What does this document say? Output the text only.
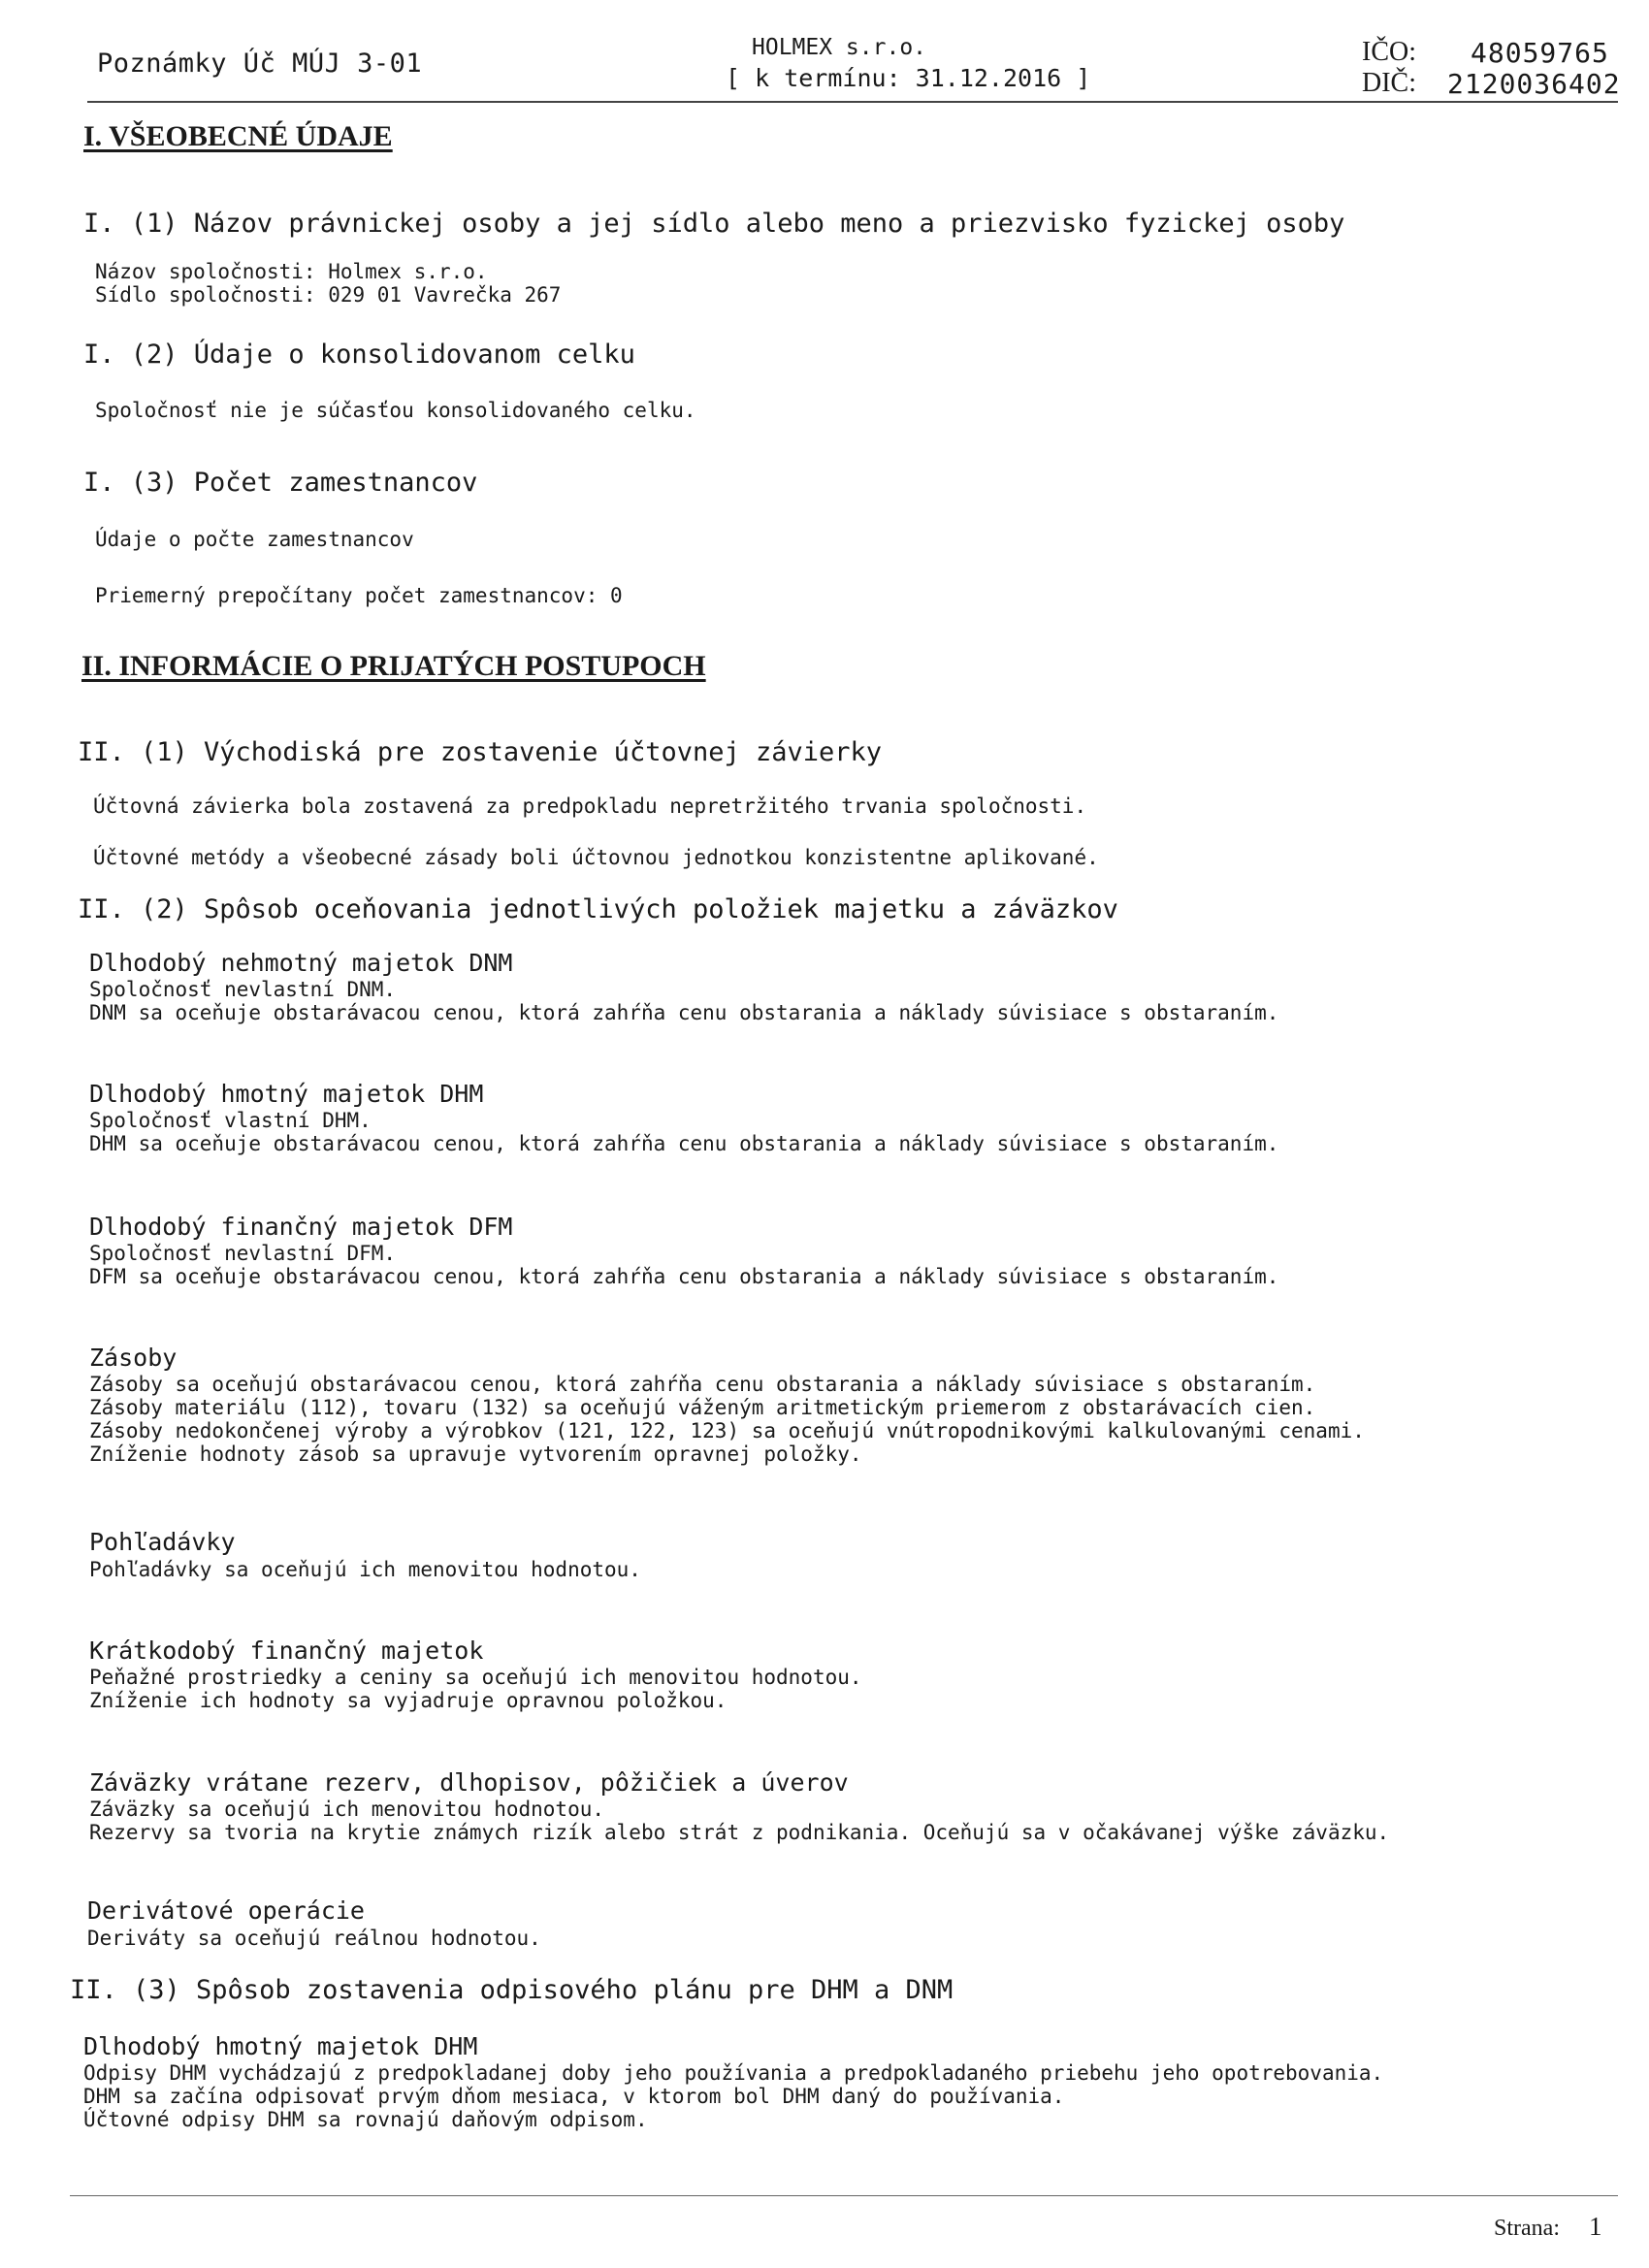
Poznámky Úč MÚJ 3-01
HOLMEX s.r.o.
[ k termínu: 31.12.2016 ]
IČO: 48059765
DIČ: 2120036402
I. VŠEOBECNÉ ÚDAJE
I. (1) Názov právnickej osoby a jej sídlo alebo meno a priezvisko fyzickej osoby
Názov spoločnosti: Holmex s.r.o.
Sídlo spoločnosti: 029 01 Vavrečka 267
I. (2) Údaje o konsolidovanom celku
Spoločnosť nie je súčasťou konsolidovaného celku.
I. (3) Počet zamestnancov
Údaje o počte zamestnancov
Priemerný prepočítany počet zamestnancov: 0
II. INFORMÁCIE O PRIJATÝCH POSTUPOCH
II. (1) Východiská pre zostavenie účtovnej závierky
Účtovná závierka bola zostavená za predpokladu nepretržitého trvania spoločnosti.
Účtovné metódy a všeobecné zásady boli účtovnou jednotkou konzistentne aplikované.
II. (2) Spôsob oceňovania jednotlivých položiek majetku a záväzkov
Dlhodobý nehmotný majetok DNM
Spoločnosť nevlastní DNM.
DNM sa oceňuje obstarávacou cenou, ktorá zahŕňa cenu obstarania a náklady súvisiace s obstaraním.
Dlhodobý hmotný majetok DHM
Spoločnosť vlastní DHM.
DHM sa oceňuje obstarávacou cenou, ktorá zahŕňa cenu obstarania a náklady súvisiace s obstaraním.
Dlhodobý finančný majetok DFM
Spoločnosť nevlastní DFM.
DFM sa oceňuje obstarávacou cenou, ktorá zahŕňa cenu obstarania a náklady súvisiace s obstaraním.
Zásoby
Zásoby sa oceňujú obstarávacou cenou, ktorá zahŕňa cenu obstarania a náklady súvisiace s obstaraním.
Zásoby materiálu (112), tovaru (132) sa oceňujú váženým aritmetickým priemerom z obstarávacích cien.
Zásoby nedokončenej výroby a výrobkov (121, 122, 123) sa oceňujú vnútropodnikovými kalkulovanými cenami.
Zníženie hodnoty zásob sa upravuje vytvorením opravnej položky.
Pohľadávky
Pohľadávky sa oceňujú ich menovitou hodnotou.
Krátkodobý finančný majetok
Peňažné prostriedky a ceniny sa oceňujú ich menovitou hodnotou.
Zníženie ich hodnoty sa vyjadruje opravnou položkou.
Záväzky vrátane rezerv, dlhopisov, pôžičiek a úverov
Záväzky sa oceňujú ich menovitou hodnotou.
Rezervy sa tvoria na krytie známych rizík alebo strát z podnikania. Oceňujú sa v očakávanej výške záväzku.
Derivátové operácie
Deriváty sa oceňujú reálnou hodnotou.
II. (3) Spôsob zostavenia odpisového plánu pre DHM a DNM
Dlhodobý hmotný majetok DHM
Odpisy DHM vychádzajú z predpokladanej doby jeho používania a predpokladaného priebehu jeho opotrebovania.
DHM sa začína odpisovať prvým dňom mesiaca, v ktorom bol DHM daný do používania.
Účtovné odpisy DHM sa rovnajú daňovým odpisom.
Strana: 1
